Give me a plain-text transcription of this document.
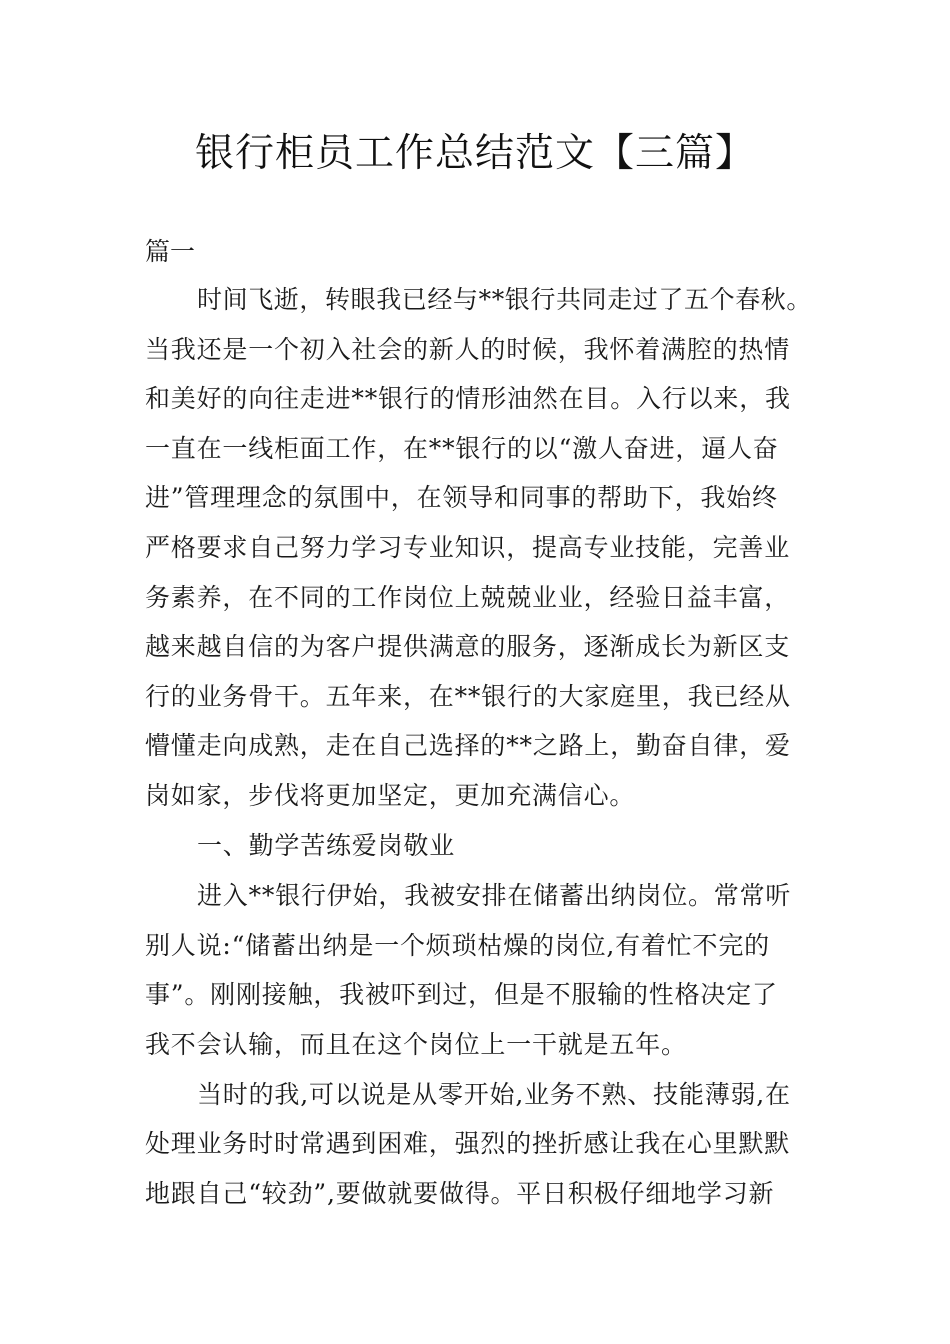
银行柜员工作总结范文【三篇】
篇一
时间飞逝，转眼我已经与**银行共同走过了五个春秋。
当我还是一个初入社会的新人的时候，我怀着满腔的热情
和美好的向往走进**银行的情形油然在目。入行以来，我
一直在一线柜面工作，在**银行的以“激人奋进，逼人奋
进”管理理念的氛围中，在领导和同事的帮助下，我始终
严格要求自己努力学习专业知识，提高专业技能，完善业
务素养，在不同的工作岗位上兢兢业业，经验日益丰富，
越来越自信的为客户提供满意的服务，逐渐成长为新区支
行的业务骨干。五年来，在**银行的大家庭里，我已经从
懵懂走向成熟，走在自己选择的**之路上，勤奋自律，爱
岗如家，步伐将更加坚定，更加充满信心。
一、勤学苦练爱岗敬业
进入**银行伊始，我被安排在储蓄出纳岗位。常常听
别人说:“储蓄出纳是一个烦琐枯燥的岗位,有着忙不完的
事”。刚刚接触，我被吓到过，但是不服输的性格决定了
我不会认输，而且在这个岗位上一干就是五年。
当时的我,可以说是从零开始,业务不熟、技能薄弱,在
处理业务时时常遇到困难，强烈的挫折感让我在心里默默
地跟自己“较劲”,要做就要做得。平日积极仔细地学习新
